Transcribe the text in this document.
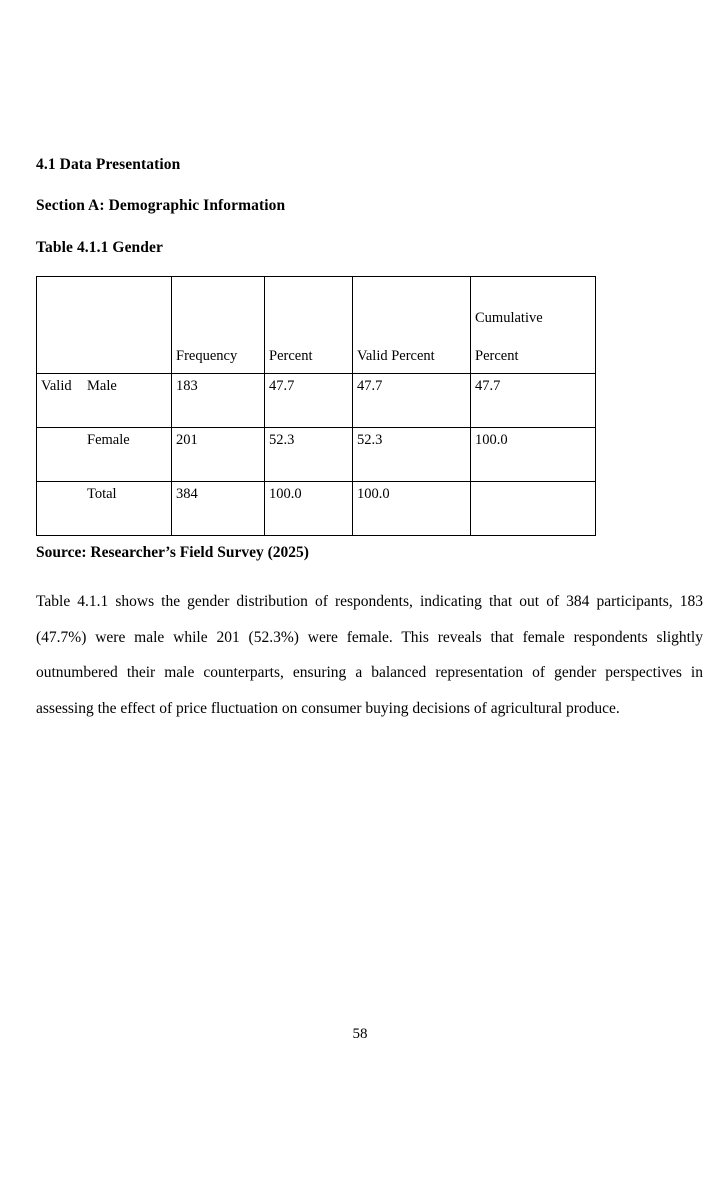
4.1 Data Presentation

Section A: Demographic Information

Table 4.1.1 Gender

	Frequency	Percent	Valid Percent	Cumulative
Percent

Valid Male	183	47.7	47.7	47.7
Female	201	52.3	52.3	100.0
Total	384	100.0	100.0	

Source: Researcher’s Field Survey (2025)

Table 4.1.1 shows the gender distribution of respondents, indicating that out of 384 participants, 183 (47.7%) were male while 201 (52.3%) were female. This reveals that female respondents slightly outnumbered their male counterparts, ensuring a balanced representation of gender perspectives in assessing the effect of price fluctuation on consumer buying decisions of agricultural produce.

58
